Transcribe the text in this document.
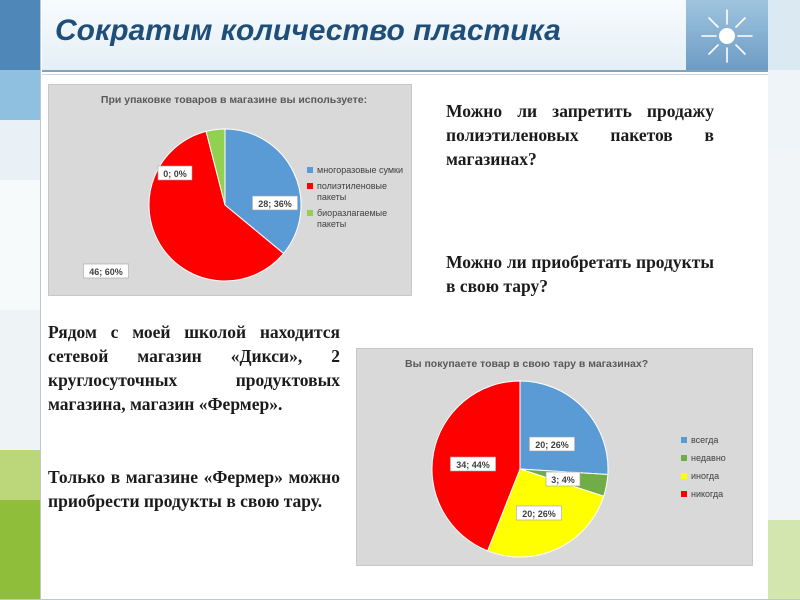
Сократим количество пластика
При упаковке товаров в магазине вы используете:
28; 36%
46; 60%
0; 0%	многоразовые сумки
полиэтиленовые пакеты
биоразлагаемые пакеты
Вы покупаете товар в свою тару в магазинах?
20; 26%
3; 4%
20; 26%
34; 44%
всегда
недавно
иногда
никогда
Можно ли запретить продажу полиэтиленовых пакетов в магазинах?
Можно ли приобретать продукты в свою тару?
Рядом с моей школой находится сетевой магазин «Дикси», 2 круглосуточных продуктовых магазина, магазин «Фермер».
Только в магазине «Фермер» можно приобрести продукты в свою тару.
